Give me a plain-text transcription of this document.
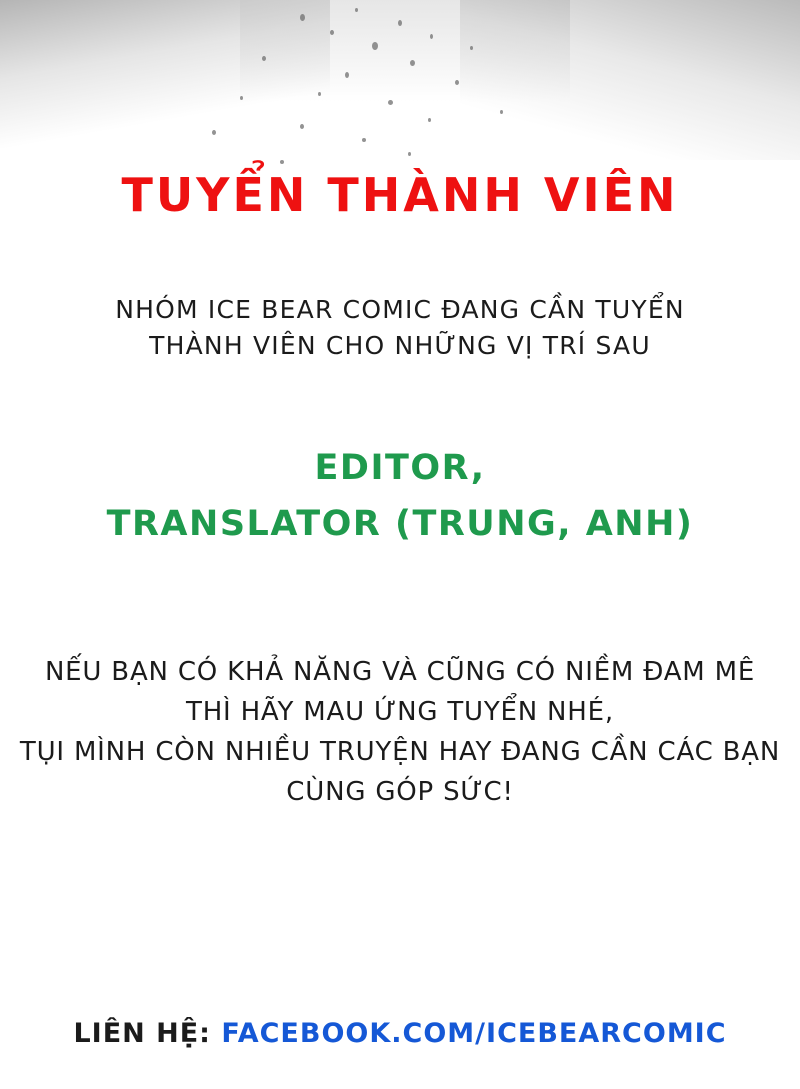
TUYỂN THÀNH VIÊN
NHÓM ICE BEAR COMIC ĐANG CẦN TUYỂN
THÀNH VIÊN CHO NHỮNG VỊ TRÍ SAU
EDITOR,
TRANSLATOR (TRUNG, ANH)
NẾU BẠN CÓ KHẢ NĂNG VÀ CŨNG CÓ NIỀM ĐAM MÊ
THÌ HÃY MAU ỨNG TUYỂN NHÉ,
TỤI MÌNH CÒN NHIỀU TRUYỆN HAY ĐANG CẦN CÁC BẠN
CÙNG GÓP SỨC!
LIÊN HỆ: FACEBOOK.COM/ICEBEARCOMIC
